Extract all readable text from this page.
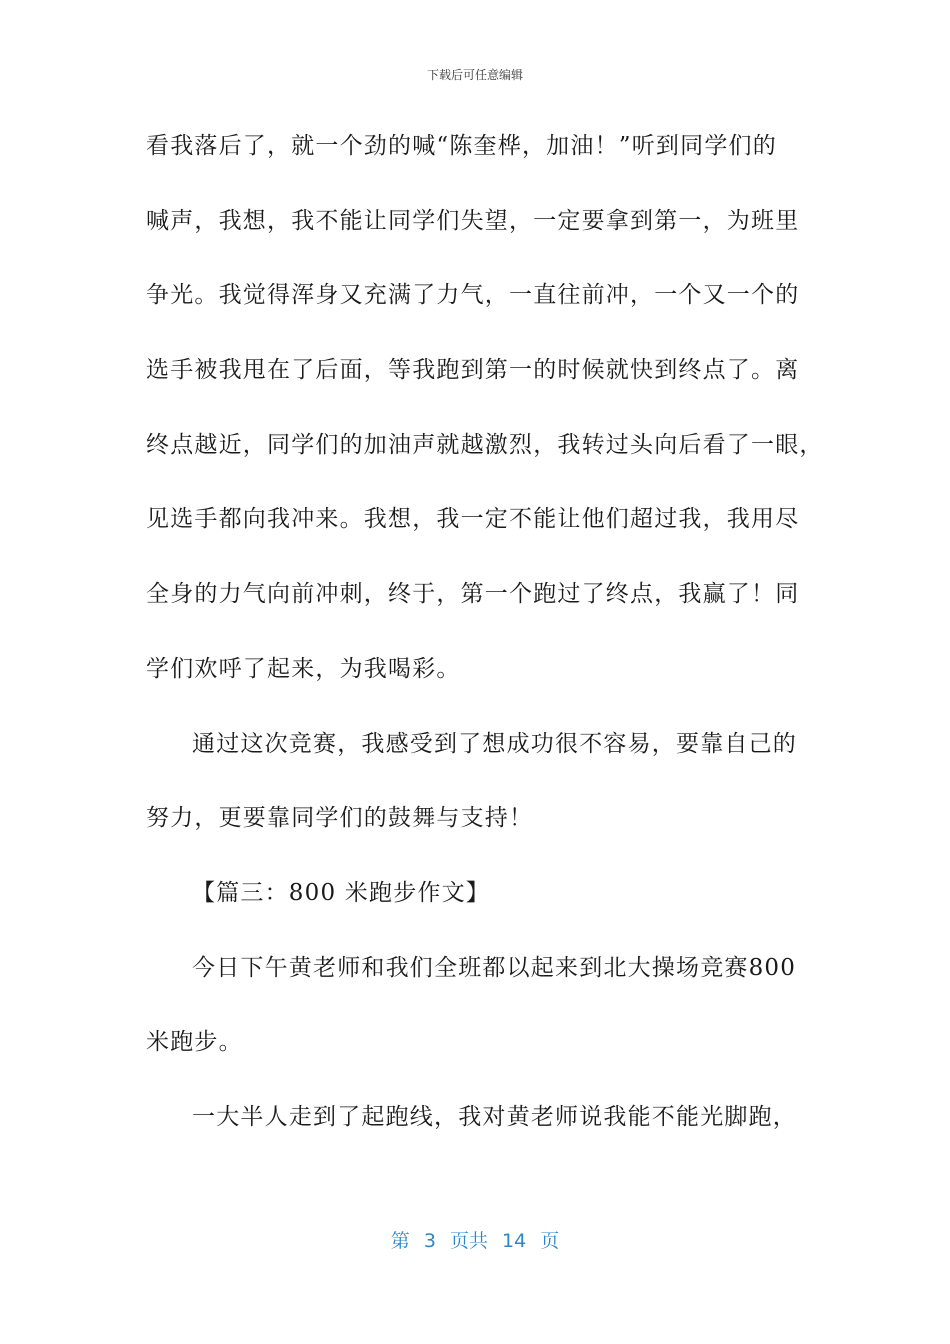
下载后可任意编辑
看我落后了，就一个劲的喊“陈奎桦，加油！”听到同学们的
喊声，我想，我不能让同学们失望，一定要拿到第一，为班里
争光。我觉得浑身又充满了力气，一直往前冲，一个又一个的
选手被我甩在了后面，等我跑到第一的时候就快到终点了。离
终点越近，同学们的加油声就越激烈，我转过头向后看了一眼，
见选手都向我冲来。我想，我一定不能让他们超过我，我用尽
全身的力气向前冲刺，终于，第一个跑过了终点，我赢了！同
学们欢呼了起来，为我喝彩。
通过这次竞赛，我感受到了想成功很不容易，要靠自己的
努力，更要靠同学们的鼓舞与支持！
【篇三：800 米跑步作文】
今日下午黄老师和我们全班都以起来到北大操场竞赛800
米跑步。
一大半人走到了起跑线，我对黄老师说我能不能光脚跑，
第 3 页共 14 页
